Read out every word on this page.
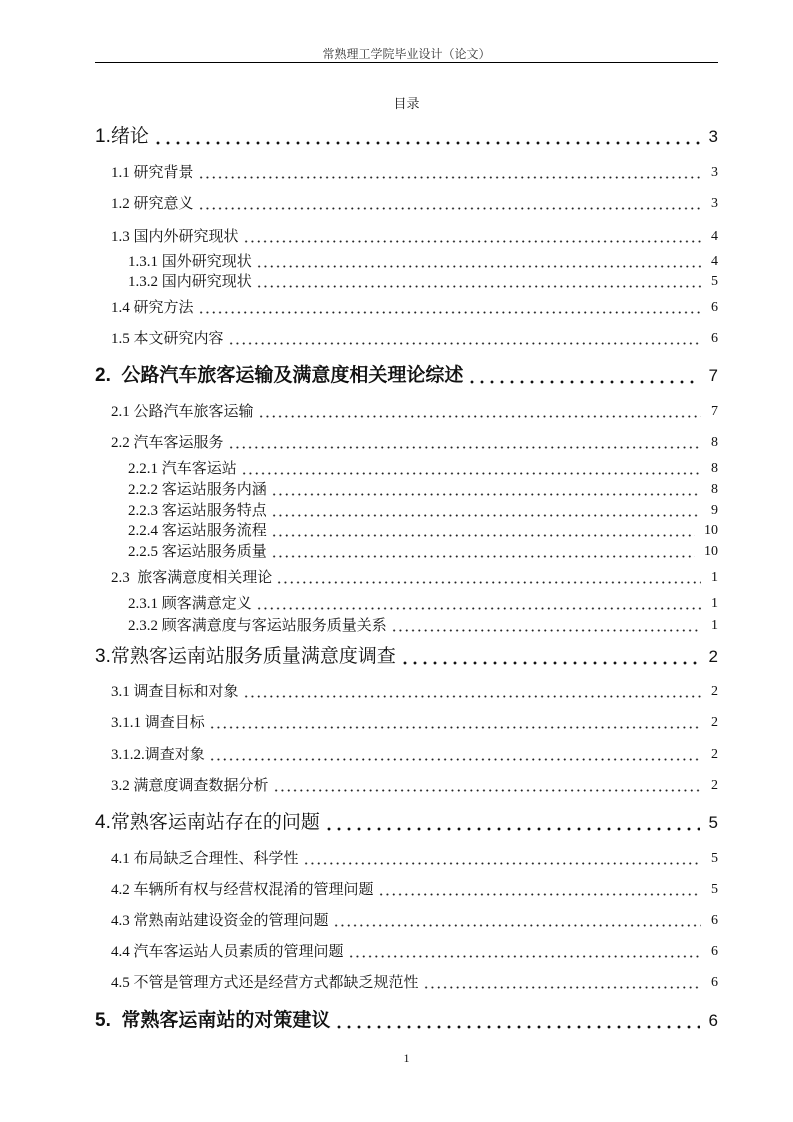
常熟理工学院毕业设计（论文）
目录
1.绪论	3
1.1 研究背景	3
1.2 研究意义	3
1.3 国内外研究现状	4
1.3.1 国外研究现状	4
1.3.2 国内研究现状	5
1.4 研究方法	6
1.5 本文研究内容	6
2.  公路汽车旅客运输及满意度相关理论综述	7
2.1 公路汽车旅客运输	7
2.2 汽车客运服务	8
2.2.1 汽车客运站	8
2.2.2 客运站服务内涵	8
2.2.3 客运站服务特点	9
2.2.4 客运站服务流程	10
2.2.5 客运站服务质量	10
2.3  旅客满意度相关理论	1
2.3.1 顾客满意定义	1
2.3.2 顾客满意度与客运站服务质量关系	1
3.常熟客运南站服务质量满意度调查	2
3.1 调查目标和对象	2
3.1.1 调查目标	2
3.1.2.调查对象	2
3.2 满意度调查数据分析	2
4.常熟客运南站存在的问题	5
4.1 布局缺乏合理性、科学性	5
4.2 车辆所有权与经营权混淆的管理问题	5
4.3 常熟南站建设资金的管理问题	6
4.4 汽车客运站人员素质的管理问题	6
4.5 不管是管理方式还是经营方式都缺乏规范性	6
5.  常熟客运南站的对策建议	6
1
